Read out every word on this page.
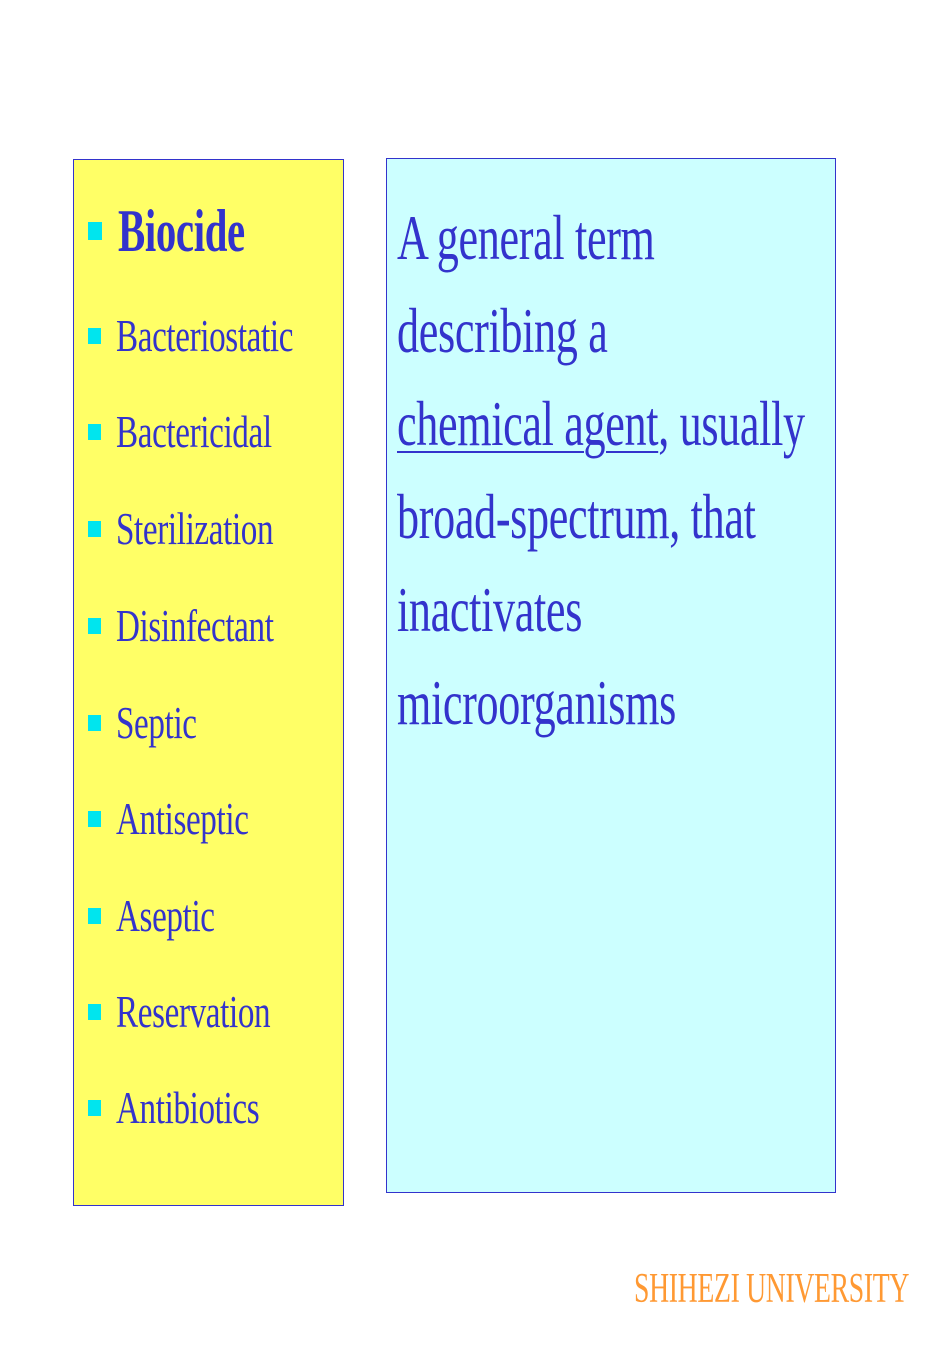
Biocide
Bacteriostatic
Bactericidal
Sterilization
Disinfectant
Septic
Antiseptic
Aseptic
Reservation
Antibiotics
A general term describing a
chemical agent, usually
broad-spectrum, that
inactivates microorganisms
SHIHEZI UNIVERSITY
